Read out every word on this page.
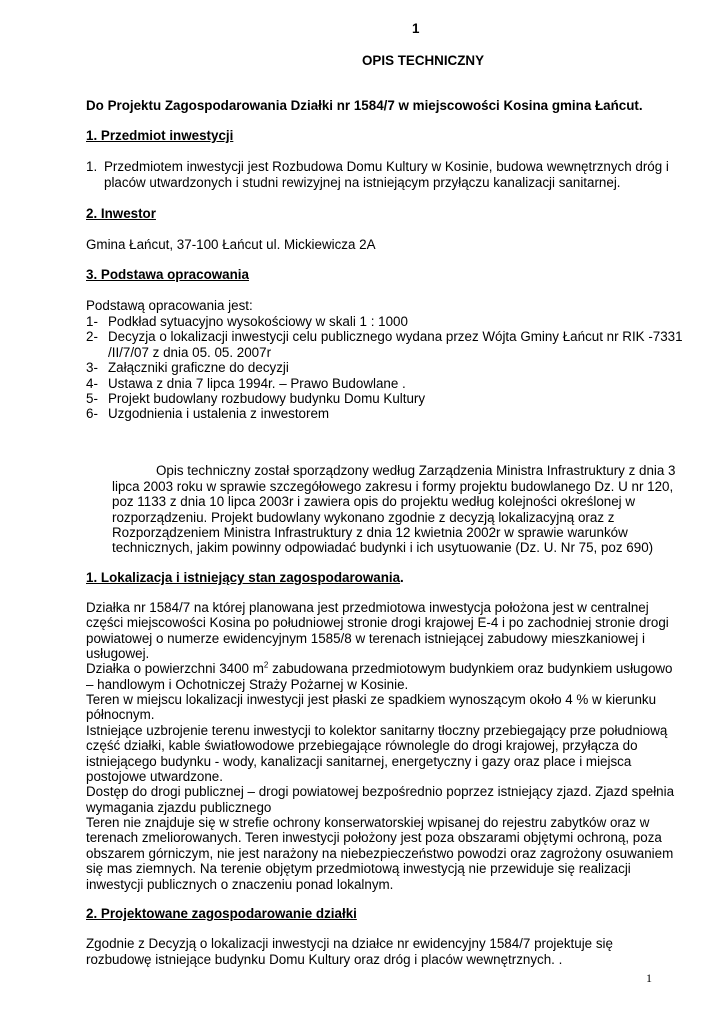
1
OPIS TECHNICZNY
Do Projektu Zagospodarowania Działki nr 1584/7 w miejscowości Kosina gmina Łańcut.
1. Przedmiot inwestycji
1. Przedmiotem inwestycji jest Rozbudowa Domu Kultury w Kosinie, budowa wewnętrznych dróg i
placów utwardzonych i studni rewizyjnej na istniejącym przyłączu kanalizacji sanitarnej.
2. Inwestor
Gmina Łańcut, 37-100 Łańcut ul. Mickiewicza 2A
3. Podstawa opracowania
Podstawą opracowania jest:
1- Podkład sytuacyjno wysokościowy w skali 1 : 1000
2- Decyzja o lokalizacji inwestycji celu publicznego wydana przez Wójta Gminy Łańcut nr RIK -7331
/II/7/07 z dnia 05. 05. 2007r
3- Załączniki graficzne do decyzji
4- Ustawa z dnia 7 lipca 1994r. – Prawo Budowlane .
5- Projekt budowlany rozbudowy budynku Domu Kultury
6- Uzgodnienia i ustalenia z inwestorem
Opis techniczny został sporządzony według Zarządzenia Ministra Infrastruktury z dnia 3
lipca 2003 roku w sprawie szczegółowego zakresu i formy projektu budowlanego Dz. U nr 120,
poz 1133 z dnia 10 lipca 2003r i zawiera opis do projektu według kolejności określonej w
rozporządzeniu. Projekt budowlany wykonano zgodnie z decyzją lokalizacyjną oraz z
Rozporządzeniem Ministra Infrastruktury z dnia 12 kwietnia 2002r w sprawie warunków
technicznych, jakim powinny odpowiadać budynki i ich usytuowanie (Dz. U. Nr 75, poz 690)
1. Lokalizacja i istniejący stan zagospodarowania.
Działka nr 1584/7 na której planowana jest przedmiotowa inwestycja położona jest w centralnej
części miejscowości Kosina po południowej stronie drogi krajowej E-4 i po zachodniej stronie drogi
powiatowej o numerze ewidencyjnym 1585/8 w terenach istniejącej zabudowy mieszkaniowej i
usługowej.
Działka o powierzchni 3400 $m^2$ zabudowana przedmiotowym budynkiem oraz budynkiem usługowo
– handlowym i Ochotniczej Straży Pożarnej w Kosinie.
Teren w miejscu lokalizacji inwestycji jest płaski ze spadkiem wynoszącym około 4 % w kierunku
północnym.
Istniejące uzbrojenie terenu inwestycji to kolektor sanitarny tłoczny przebiegający prze południową
część działki, kable światłowodowe przebiegające równolegle do drogi krajowej, przyłącza do
istniejącego budynku - wody, kanalizacji sanitarnej, energetyczny i gazy oraz place i miejsca
postojowe utwardzone.
Dostęp do drogi publicznej – drogi powiatowej bezpośrednio poprzez istniejący zjazd. Zjazd spełnia
wymagania zjazdu publicznego
Teren nie znajduje się w strefie ochrony konserwatorskiej wpisanej do rejestru zabytków oraz w
terenach zmeliorowanych. Teren inwestycji położony jest poza obszarami objętymi ochroną, poza
obszarem górniczym, nie jest narażony na niebezpieczeństwo powodzi oraz zagrożony osuwaniem
się mas ziemnych. Na terenie objętym przedmiotową inwestycją nie przewiduje się realizacji
inwestycji publicznych o znaczeniu ponad lokalnym.
2. Projektowane zagospodarowanie działki
Zgodnie z Decyzją o lokalizacji inwestycji na działce nr ewidencyjny 1584/7 projektuje się
rozbudowę istniejące budynku Domu Kultury oraz dróg i placów wewnętrznych. .
1
